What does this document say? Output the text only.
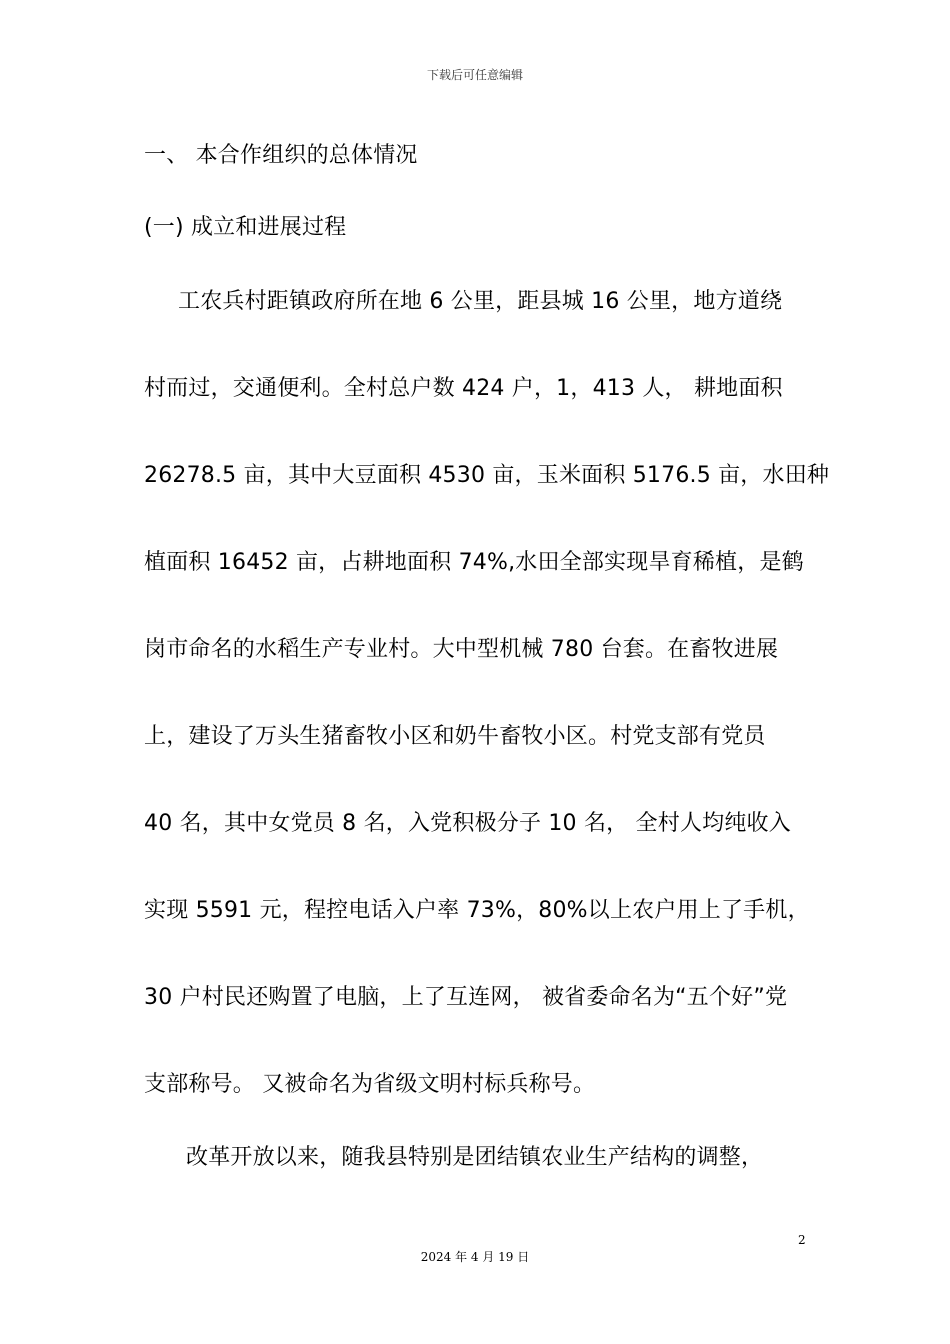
下载后可任意编辑
一、 本合作组织的总体情况
(一) 成立和进展过程
工农兵村距镇政府所在地 6 公里，距县城 16 公里，地方道绕
村而过，交通便利。全村总户数 424 户，1，413 人， 耕地面积
26278.5 亩，其中大豆面积 4530 亩，玉米面积 5176.5 亩，水田种
植面积 16452 亩，占耕地面积 74%,水田全部实现旱育稀植，是鹤
岗市命名的水稻生产专业村。大中型机械 780 台套。在畜牧进展
上，建设了万头生猪畜牧小区和奶牛畜牧小区。村党支部有党员
40 名，其中女党员 8 名，入党积极分子 10 名， 全村人均纯收入
实现 5591 元，程控电话入户率 73%，80%以上农户用上了手机，
30 户村民还购置了电脑，上了互连网， 被省委命名为“五个好”党
支部称号。 又被命名为省级文明村标兵称号。
改革开放以来，随我县特别是团结镇农业生产结构的调整，
2
2024 年 4 月 19 日
